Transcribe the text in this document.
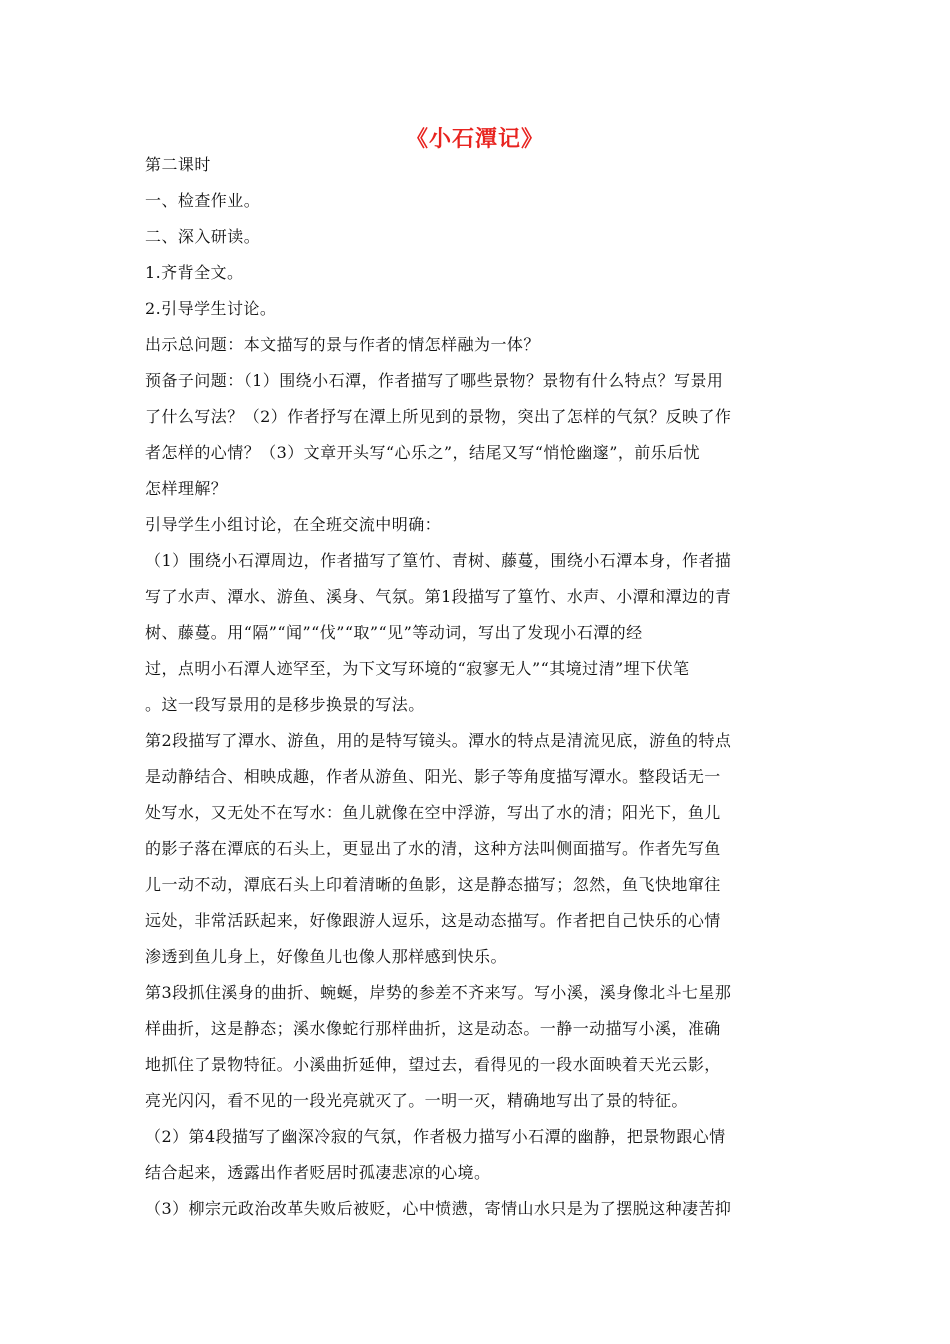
《小石潭记》
第二课时
一、检查作业。
二、深入研读。
1.齐背全文。
2.引导学生讨论。
出示总问题：本文描写的景与作者的情怎样融为一体？
预备子问题：（1）围绕小石潭，作者描写了哪些景物？景物有什么特点？写景用
了什么写法？（2）作者抒写在潭上所见到的景物，突出了怎样的气氛？反映了作
者怎样的心情？（3）文章开头写“心乐之”，结尾又写“悄怆幽邃”，前乐后忧
怎样理解？
引导学生小组讨论，在全班交流中明确：
（1）围绕小石潭周边，作者描写了篁竹、青树、藤蔓，围绕小石潭本身，作者描
写了水声、潭水、游鱼、溪身、气氛。第1段描写了篁竹、水声、小潭和潭边的青
树、藤蔓。用“隔”“闻”“伐”“取”“见”等动词，写出了发现小石潭的经
过，点明小石潭人迹罕至，为下文写环境的“寂寥无人”“其境过清”埋下伏笔
。这一段写景用的是移步换景的写法。
第2段描写了潭水、游鱼，用的是特写镜头。潭水的特点是清流见底，游鱼的特点
是动静结合、相映成趣，作者从游鱼、阳光、影子等角度描写潭水。整段话无一
处写水，又无处不在写水：鱼儿就像在空中浮游，写出了水的清；阳光下，鱼儿
的影子落在潭底的石头上，更显出了水的清，这种方法叫侧面描写。作者先写鱼
儿一动不动，潭底石头上印着清晰的鱼影，这是静态描写；忽然，鱼飞快地窜往
远处，非常活跃起来，好像跟游人逗乐，这是动态描写。作者把自己快乐的心情
渗透到鱼儿身上，好像鱼儿也像人那样感到快乐。
第3段抓住溪身的曲折、蜿蜒，岸势的参差不齐来写。写小溪，溪身像北斗七星那
样曲折，这是静态；溪水像蛇行那样曲折，这是动态。一静一动描写小溪，准确
地抓住了景物特征。小溪曲折延伸，望过去，看得见的一段水面映着天光云影，
亮光闪闪，看不见的一段光亮就灭了。一明一灭，精确地写出了景的特征。
（2）第4段描写了幽深冷寂的气氛，作者极力描写小石潭的幽静，把景物跟心情
结合起来，透露出作者贬居时孤凄悲凉的心境。
（3）柳宗元政治改革失败后被贬，心中愤懑，寄情山水只是为了摆脱这种凄苦抑
